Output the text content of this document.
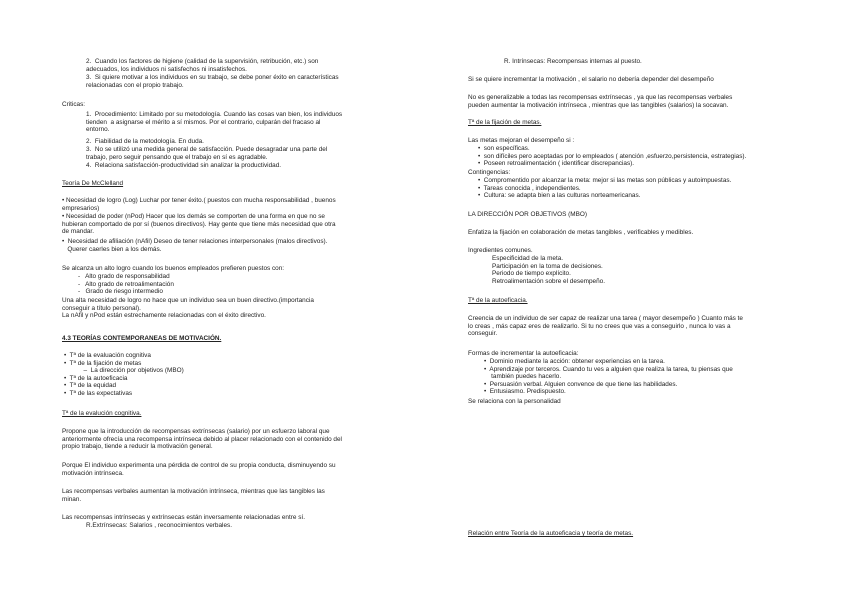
2.  Cuando los factores de higiene (calidad de la supervisión, retribución, etc.) son
adecuados, los individuos ni satisfechos ni insatisfechos.

3.  Si quiere motivar a los individuos en su trabajo, se debe poner éxito en características
relacionadas con el propio trabajo.

Criticas:

1.  Procedimiento: Limitado por su metodología. Cuando las cosas van bien, los individuos
tienden  a asignarse el mérito a sí mismos. Por el contrario, culparán del fracaso al
entorno.

2.  Fiabilidad de la metodología. En duda.

3.  No se utilizó una medida general de satisfacción. Puede desagradar una parte del
trabajo, pero seguir pensando que el trabajo en sí es agradable.

4.  Relaciona satisfacción-productividad sin analizar la productividad.

Teoría De McClelland

• Necesidad de logro (Log) Luchar por tener éxito.( puestos con mucha responsabilidad , buenos
empresarios)

• Necesidad de poder (nPod) Hacer que los demás se comporten de una forma en que no se
hubieran comportado de por sí (buenos directivos). Hay gente que tiene más necesidad que otra
de mandar.

•  Necesidad de afiliación (nAfil) Deseo de tener relaciones interpersonales (malos directivos).
Querer caerles bien a los demás.

Se alcanza un alto logro cuando los buenos empleados prefieren puestos con:

-   Alto grado de responsabilidad
-   Alto grado de retroalimentación
-   Grado de riesgo intermedio

Una alta necesidad de logro no hace que un individuo sea un buen directivo.(importancia
conseguir a título personal).
La nAfil y nPod están estrechamente relacionadas con el éxito directivo.

4.3 TEORÍAS CONTEMPORANEAS DE MOTIVACIÓN.

•  Tª de la evaluación cognitiva
•  Tª de la fijación de metas
–  La dirección por objetivos (MBO)
•  Tª de la autoeficacia
•  Tª de la equidad
•  Tª de las expectativas

Tª de la evalución cognitiva.

Propone que la introducción de recompensas extrínsecas (salario) por un esfuerzo laboral que
anteriormente ofrecía una recompensa intrínseca debido al placer relacionado con el contenido del
propio trabajo, tiende a reducir la motivación general.

Porque El individuo experimenta una pérdida de control de su propia conducta, disminuyendo su
motivación intrínseca.

Las recompensas verbales aumentan la motivación intrínseca, mientras que las tangibles las
minan.

Las recompensas intrínsecas y extrínsecas están inversamente relacionadas entre sí.

R.Extrínsecas: Salarios , reconocimientos verbales.

R. Intrínsecas: Recompensas internas al puesto.

Si se quiere incrementar la motivación , el salario no debería depender del desempeño

No es generalizable a todas las recompensas extrínsecas , ya que las recompensas verbales
pueden aumentar la motivación intrínseca , mientras que las tangibles (salarios) la socavan.

Tª de la fijación de metas.

Las metas mejoran el desempeño si :

•  son específicas.
•  son difíciles pero aceptadas por lo empleados ( atención ,esfuerzo,persistencia, estrategias).
•  Poseen retroalimentación ( identificar discrepancias).

Contingencias:

•  Compromentido por alcanzar la meta: mejor si las metas son públicas y autoimpuestas.
•  Tareas conocida , independientes.
•  Cultura: se adapta bien a las culturas norteamericanas.

LA DIRECCIÓN POR OBJETIVOS (MBO)

Enfatiza la fijación en colaboración de metas tangibles , verificables y medibles.

Ingredientes comunes.

Especificidad de la meta.
Participación en la toma de decisiones.
Periodo de tiempo explícito.
Retroalimentación sobre el desempeño.

Tª de la autoeficacia.

Creencia de un individuo de ser capaz de realizar una tarea ( mayor desempeño ) Cuanto más te
lo creas , más capaz eres de realizarlo. Si tu no crees que vas a conseguirlo , nunca lo vas a
conseguir.

Formas de incrementar la autoeficacia:

•  Dominio mediante la acción: obtener experiencias en la tarea.
•  Aprendizaje por terceros. Cuando tu ves a alguien que realiza la tarea, tu piensas que
también puedes hacerlo.
•  Persuasión verbal. Alguien convence de que tiene las habilidades.
•  Entusiasmo. Predispuesto.

Se relaciona con la personalidad

Relación entre Teoría de la autoeficacia y teoría de metas.
